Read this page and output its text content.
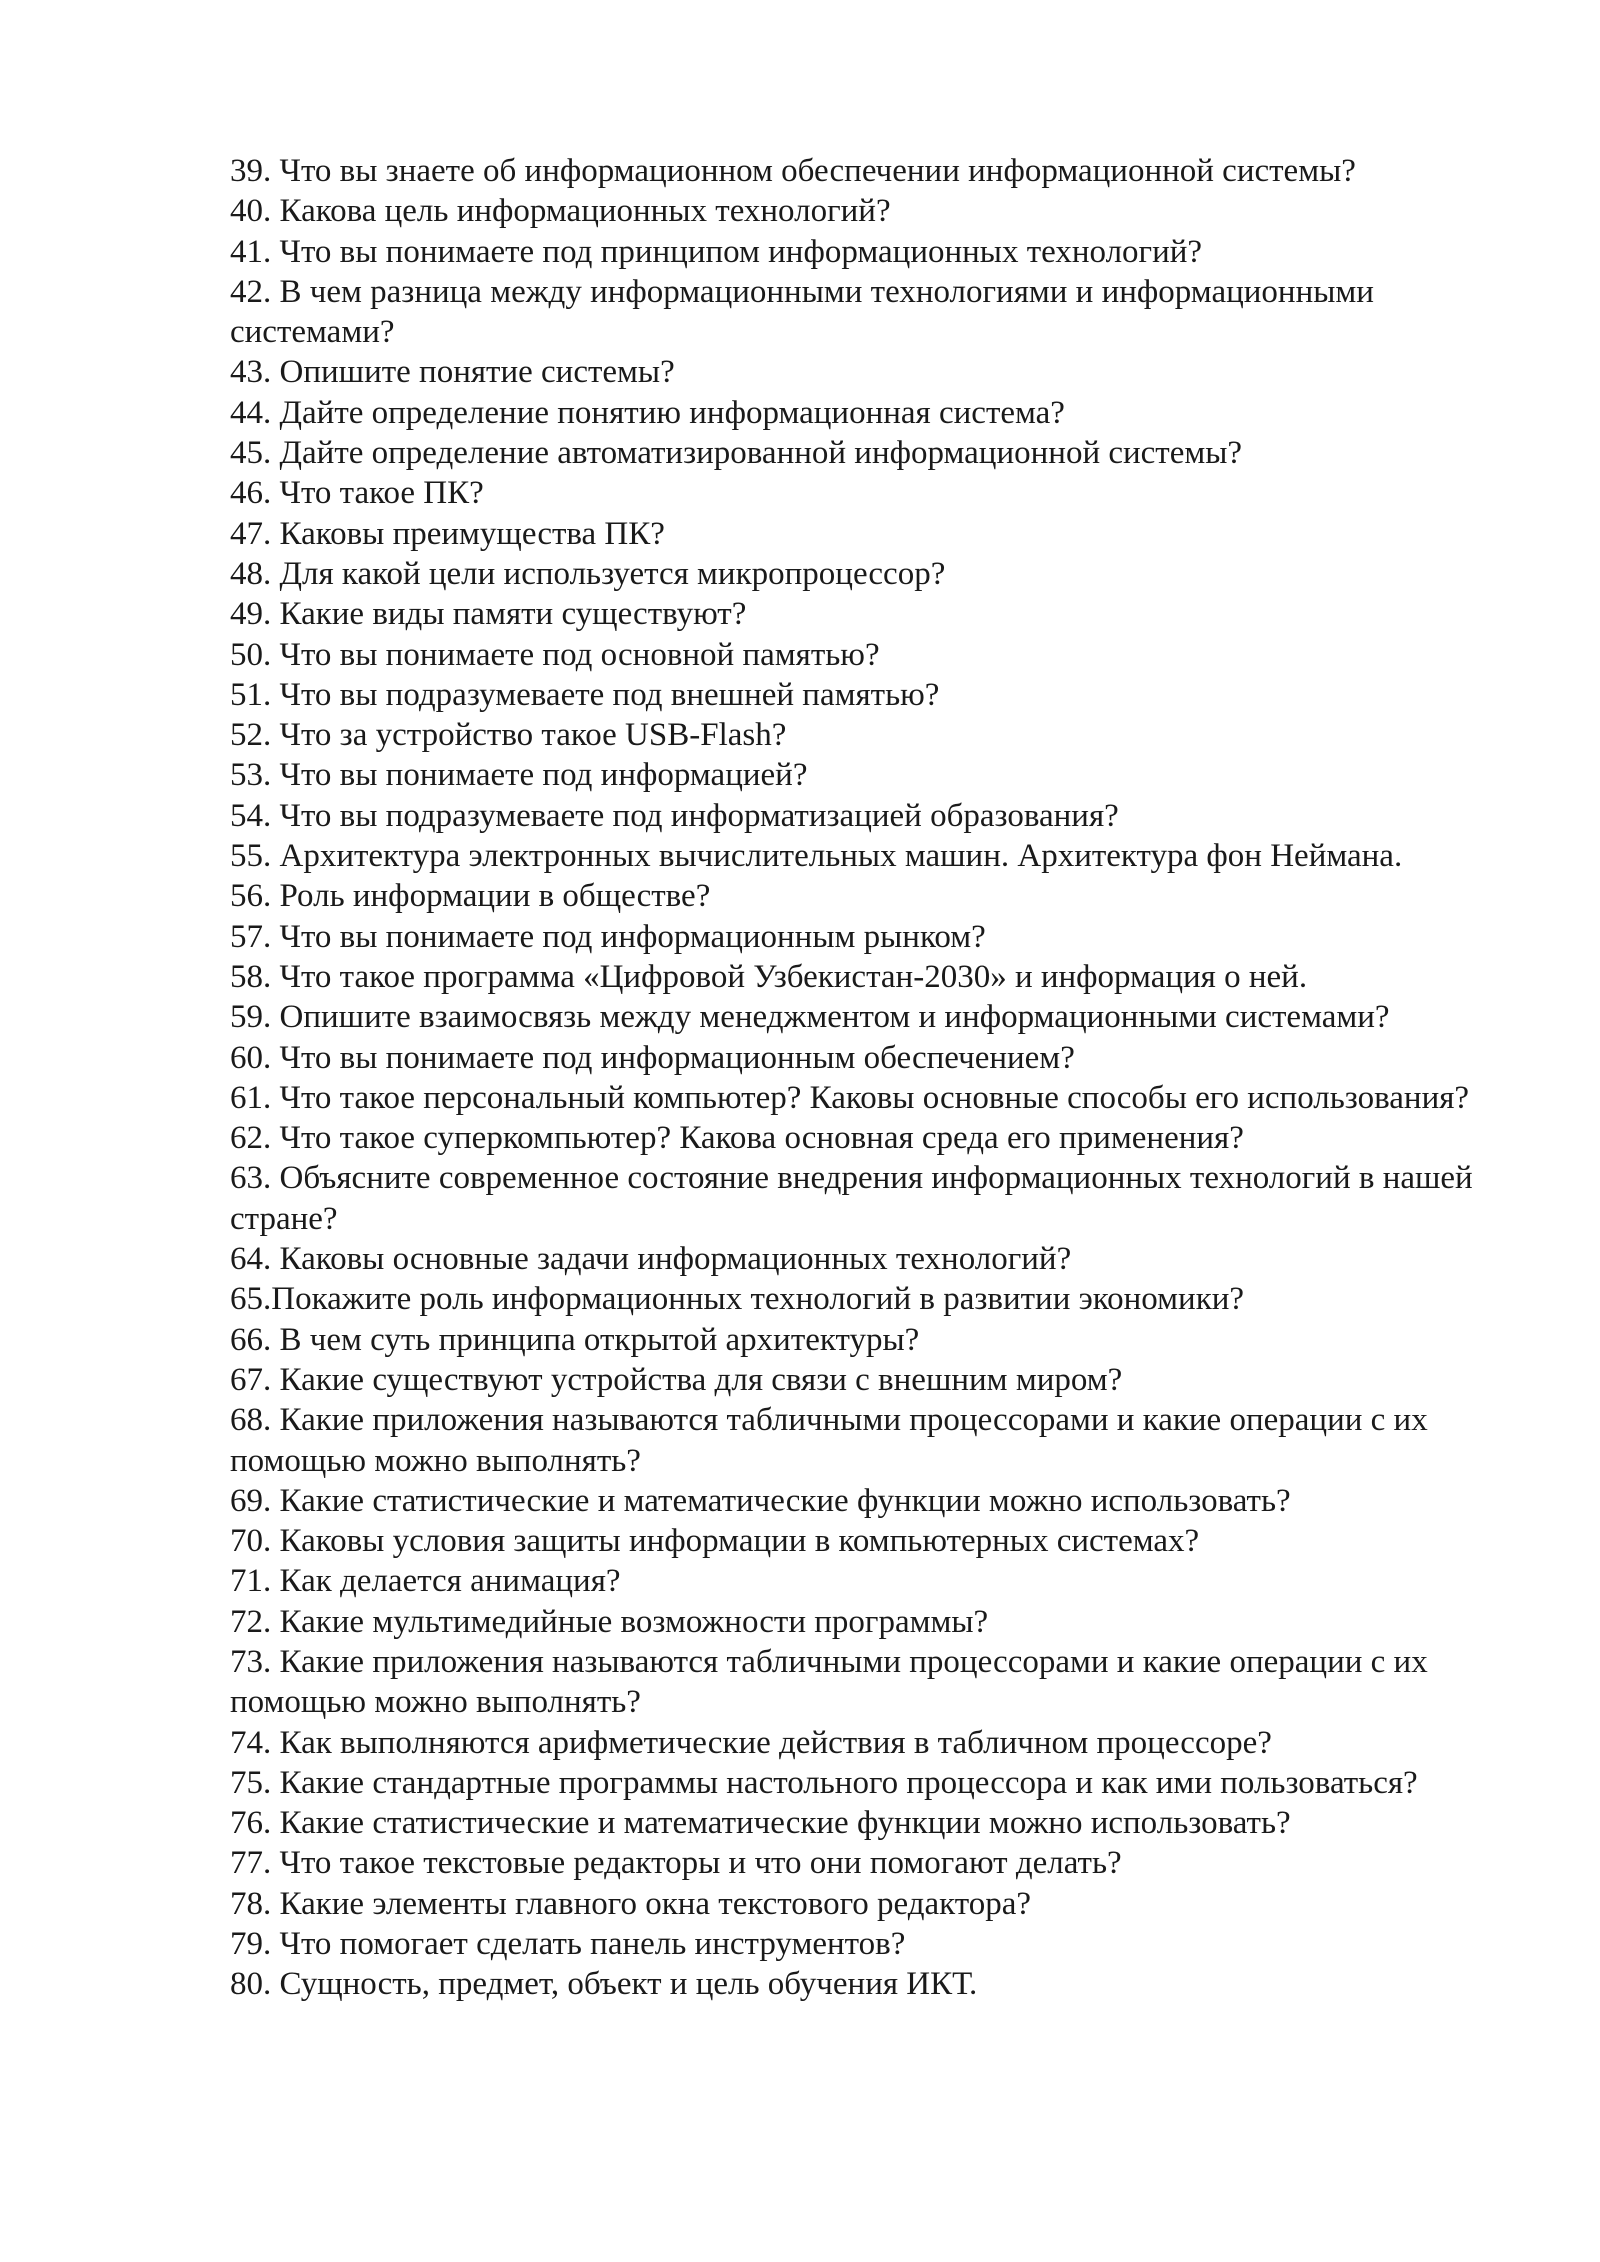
39. Что вы знаете об информационном обеспечении информационной системы?
40. Какова цель информационных технологий?
41. Что вы понимаете под принципом информационных технологий?
42. В чем разница между информационными технологиями и информационными системами?
43. Опишите понятие системы?
44. Дайте определение понятию информационная система?
45. Дайте определение автоматизированной информационной системы?
46. Что такое ПК?
47. Каковы преимущества ПК?
48. Для какой цели используется микропроцессор?
49. Какие виды памяти существуют?
50. Что вы понимаете под основной памятью?
51. Что вы подразумеваете под внешней памятью?
52. Что за устройство такое USB-Flash?
53. Что вы понимаете под информацией?
54. Что вы подразумеваете под информатизацией образования?
55. Архитектура электронных вычислительных машин. Архитектура фон Неймана.
56. Роль информации в обществе?
57. Что вы понимаете под информационным рынком?
58. Что такое программа «Цифровой Узбекистан-2030» и информация о ней.
59. Опишите взаимосвязь между менеджментом и информационными системами?
60. Что вы понимаете под информационным обеспечением?
61. Что такое персональный компьютер? Каковы основные способы его использования?
62. Что такое суперкомпьютер? Какова основная среда его применения?
63. Объясните современное состояние внедрения информационных технологий в нашей стране?
64. Каковы основные задачи информационных технологий?
65.Покажите роль информационных технологий в развитии экономики?
66. В чем суть принципа открытой архитектуры?
67. Какие существуют устройства для связи с внешним миром?
68. Какие приложения называются табличными процессорами и какие операции с их помощью можно выполнять?
69. Какие статистические и математические функции можно использовать?
70. Каковы условия защиты информации в компьютерных системах?
71. Как делается анимация?
72. Какие мультимедийные возможности программы?
73. Какие приложения называются табличными процессорами и какие операции с их помощью можно выполнять?
74. Как выполняются арифметические действия в табличном процессоре?
75. Какие стандартные программы настольного процессора и как ими пользоваться?
76. Какие статистические и математические функции можно использовать?
77. Что такое текстовые редакторы и что они помогают делать?
78. Какие элементы главного окна текстового редактора?
79. Что помогает сделать панель инструментов?
80. Сущность, предмет, объект и цель обучения ИКТ.
